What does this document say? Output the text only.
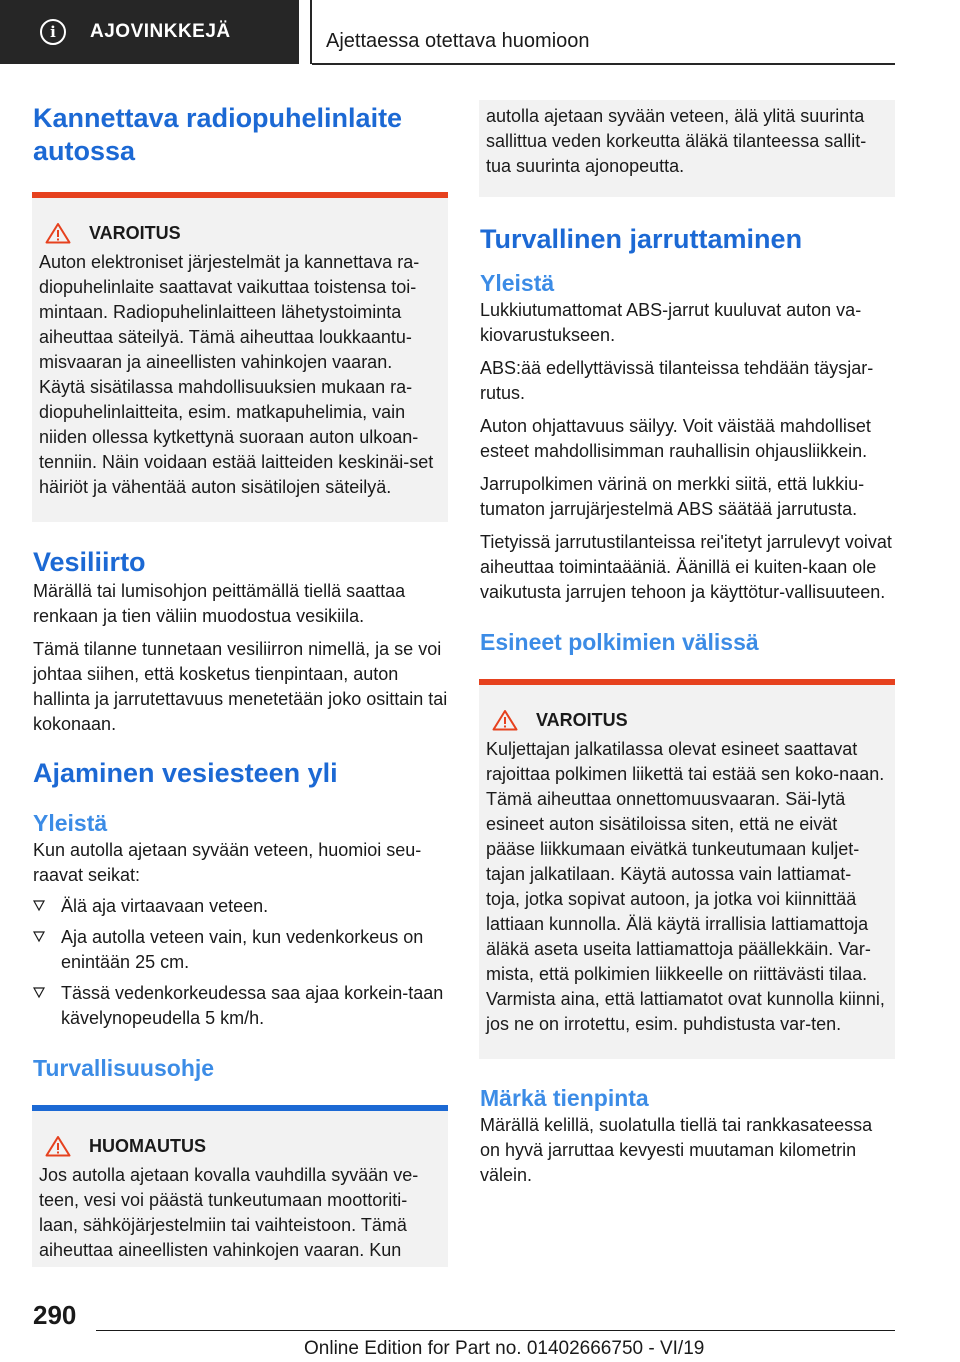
i	AJOVINKKEJÄ	Ajettaessa otettava huomioon
Kannettava radiopuhelinlaite autossa
VAROITUS

Auton elektroniset järjestelmät ja kannettava ra-diopuhelinlaite saattavat vaikuttaa toistensa toi-mintaan. Radiopuhelinlaitteen lähetystoiminta aiheuttaa säteilyä. Tämä aiheuttaa loukkaantu-misvaaran ja aineellisten vahinkojen vaaran. Käytä sisätilassa mahdollisuuksien mukaan ra-diopuhelinlaitteita, esim. matkapuhelimia, vain niiden ollessa kytkettynä suoraan auton ulkoan-tenniin. Näin voidaan estää laitteiden keskinäi-set häiriöt ja vähentää auton sisätilojen säteilyä.

Vesiliirto

Märällä tai lumisohjon peittämällä tiellä saattaa renkaan ja tien väliin muodostua vesikiila.

Tämä tilanne tunnetaan vesiliirron nimellä, ja se voi johtaa siihen, että kosketus tienpintaan, auton hallinta ja jarrutettavuus menetetään joko osittain tai kokonaan.

Ajaminen vesiesteen yli
Yleistä

Kun autolla ajetaan syvään veteen, huomioi seu-raavat seikat:

Älä aja virtaavaan veteen.
Aja autolla veteen vain, kun vedenkorkeus on enintään 25 cm.
Tässä vedenkorkeudessa saa ajaa korkein-taan kävelynopeudella 5 km/h.
Turvallisuusohje
HUOMAUTUS

Jos autolla ajetaan kovalla vauhdilla syvään ve-teen, vesi voi päästä tunkeutumaan moottoriti-laan, sähköjärjestelmiin tai vaihteistoon. Tämä aiheuttaa aineellisten vahinkojen vaaran. Kun

autolla ajetaan syvään veteen, älä ylitä suurinta sallittua veden korkeutta äläkä tilanteessa sallit-tua suurinta ajonopeutta.

Turvallinen jarruttaminen
Yleistä

Lukkiutumattomat ABS-jarrut kuuluvat auton va-kiovarustukseen.

ABS:ää edellyttävissä tilanteissa tehdään täysjar-rutus.

Auton ohjattavuus säilyy. Voit väistää mahdolliset esteet mahdollisimman rauhallisin ohjausliikkein.

Jarrupolkimen värinä on merkki siitä, että lukkiu-tumaton jarrujärjestelmä ABS säätää jarrutusta.

Tietyissä jarrutustilanteissa rei'itetyt jarrulevyt voivat aiheuttaa toimintaääniä. Äänillä ei kuiten-kaan ole vaikutusta jarrujen tehoon ja käyttötur-vallisuuteen.

Esineet polkimien välissä
VAROITUS

Kuljettajan jalkatilassa olevat esineet saattavat rajoittaa polkimen liikettä tai estää sen koko-naan. Tämä aiheuttaa onnettomuusvaaran. Säi-lytä esineet auton sisätiloissa siten, että ne eivät pääse liikkumaan eivätkä tunkeutumaan kuljet-tajan jalkatilaan. Käytä autossa vain lattiamat-toja, jotka sopivat autoon, ja jotka voi kiinnittää lattiaan kunnolla. Älä käytä irrallisia lattiamattoja äläkä aseta useita lattiamattoja päällekkäin. Var-mista, että polkimien liikkeelle on riittävästi tilaa. Varmista aina, että lattiamatot ovat kunnolla kiinni, jos ne on irrotettu, esim. puhdistusta var-ten.

Märkä tienpinta

Märällä kelillä, suolatulla tiellä tai rankkasateessa on hyvä jarruttaa kevyesti muutaman kilometrin välein.

290
Online Edition for Part no. 01402666750 - VI/19
